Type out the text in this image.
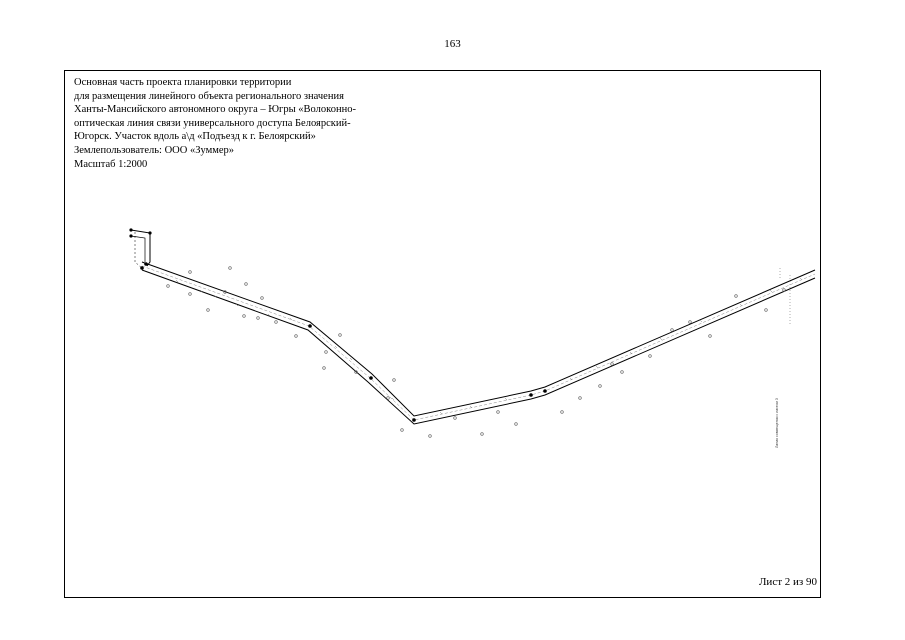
163
Основная часть проекта планировки территории
для размещения линейного объекта регионального значения
Ханты-Мансийского автономного округа – Югры «Волоконно-
оптическая линия связи универсального доступа Белоярский-
Югорск. Участок вдоль а\д «Подъезд к г. Белоярский»
Землепользователь: ООО «Зуммер»
Масштаб 1:2000
Линия совмещения с листом 3
Лист 2 из 90
